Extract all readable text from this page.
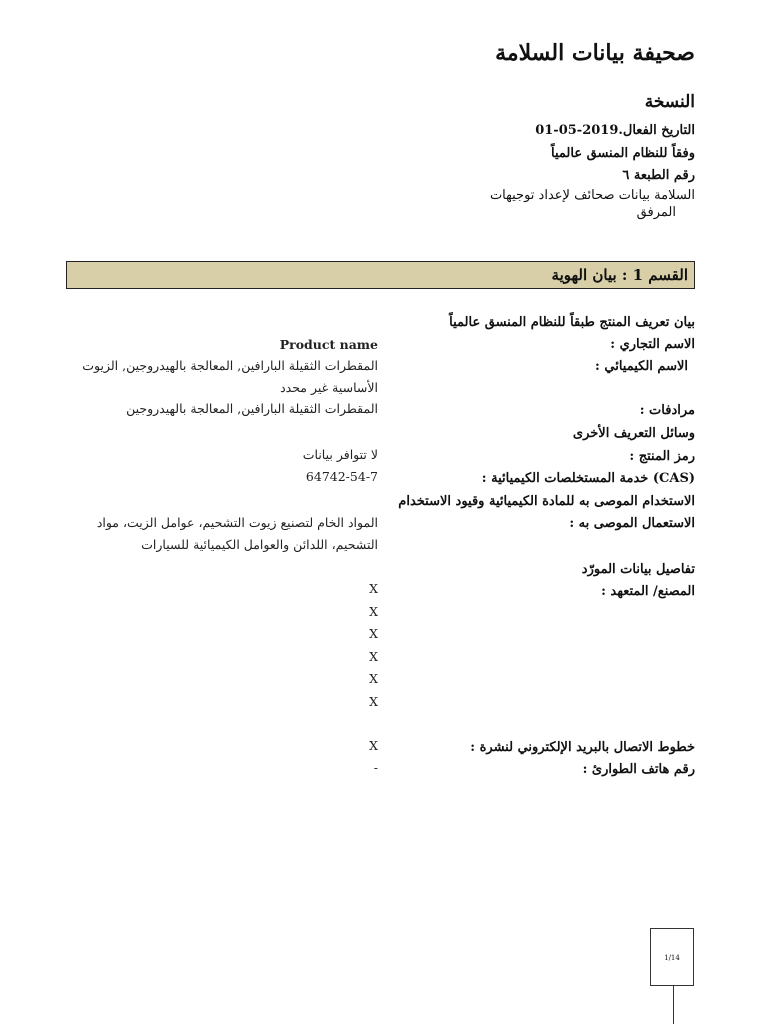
صحيفة بيانات السلامة
النسخة
التاريخ الفعال.2019-05-01
وفقاً للنظام المنسق عالمياً
رقم الطبعة ٦
السلامة بيانات صحائف لإعداد توجيهات
المرفق
القسم 1 : بيان الهوية
بيان تعريف المنتج طبقاً للنظام المنسق عالمياً
الاسم التجاري :
Product name
الاسم الكيميائي :
المقطرات الثقيلة البارافين, المعالجة بالهيدروجين, الزيوت الأساسية غير محدد
مرادفات :
المقطرات الثقيلة البارافين, المعالجة بالهيدروجين
وسائل التعريف الأخرى
رمز المنتج :
لا تتوافر بيانات
(CAS) خدمة المستخلصات الكيميائية :
64742-54-7
الاستخدام الموصى به للمادة الكيميائية وقيود الاستخدام
الاستعمال الموصى به :
المواد الخام لتصنيع زيوت التشحيم، عوامل الزيت، مواد التشحيم، اللدائن والعوامل الكيميائية للسيارات
تفاصيل بيانات المورّد
المصنع/ المتعهد :
X
X
X
X
X
X
خطوط الاتصال بالبريد الإلكتروني لنشرة :
X
رقم هاتف الطوارئ :
-
1/14
